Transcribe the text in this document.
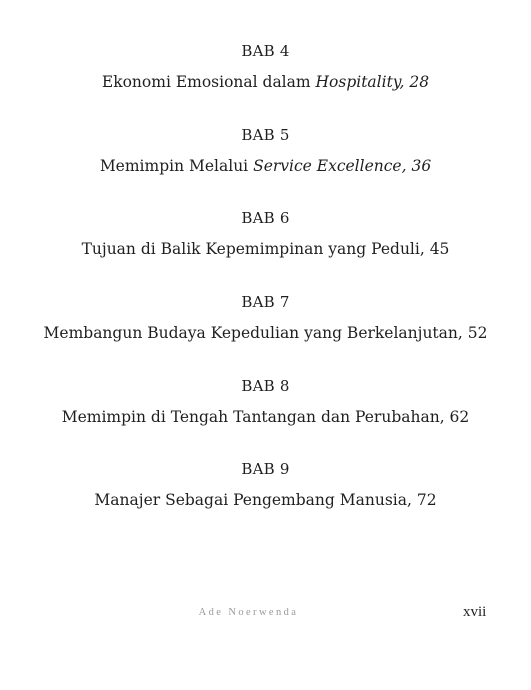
BAB 4
Ekonomi Emosional dalam Hospitality, 28
BAB 5
Memimpin Melalui Service Excellence, 36
BAB 6
Tujuan di Balik Kepemimpinan yang Peduli, 45
BAB 7
Membangun Budaya Kepedulian yang Berkelanjutan, 52
BAB 8
Memimpin di Tengah Tantangan dan Perubahan, 62
BAB 9
Manajer Sebagai Pengembang Manusia, 72
Ade Noerwenda	xvii
